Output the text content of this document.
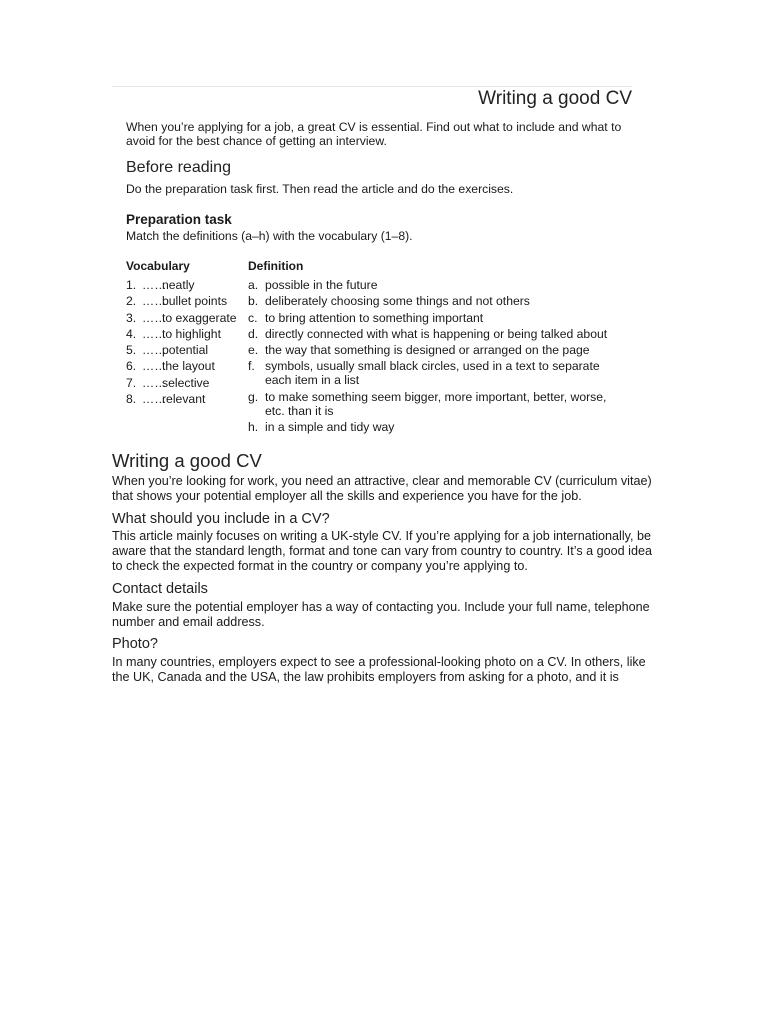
Writing a good CV
When you’re applying for a job, a great CV is essential. Find out what to include and what to avoid for the best chance of getting an interview.
Before reading
Do the preparation task first. Then read the article and do the exercises.
Preparation task
Match the definitions (a–h) with the vocabulary (1–8).
Vocabulary	Definition
1. ……
neatly
2. ……
bullet points
3. ……
to exaggerate
4. ……
to highlight
5. ……
potential
6. ……
the layout
7. ……
selective
8. ……
relevant
a. possible in the future
b. deliberately choosing some things and not others
c. to bring attention to something important
d. directly connected with what is happening or being talked about
e. the way that something is designed or arranged on the page
f. symbols, usually small black circles, used in a text to separate each item in a list
g. to make something seem bigger, more important, better, worse, etc. than it is
h. in a simple and tidy way
Writing a good CV
When you’re looking for work, you need an attractive, clear and memorable CV (curriculum vitae) that shows your potential employer all the skills and experience you have for the job.
What should you include in a CV?
This article mainly focuses on writing a UK-style CV. If you’re applying for a job internationally, be aware that the standard length, format and tone can vary from country to country. It’s a good idea to check the expected format in the country or company you’re applying to.
Contact details
Make sure the potential employer has a way of contacting you. Include your full name, telephone number and email address.
Photo?
In many countries, employers expect to see a professional-looking photo on a CV. In others, like the UK, Canada and the USA, the law prohibits employers from asking for a photo, and it is
